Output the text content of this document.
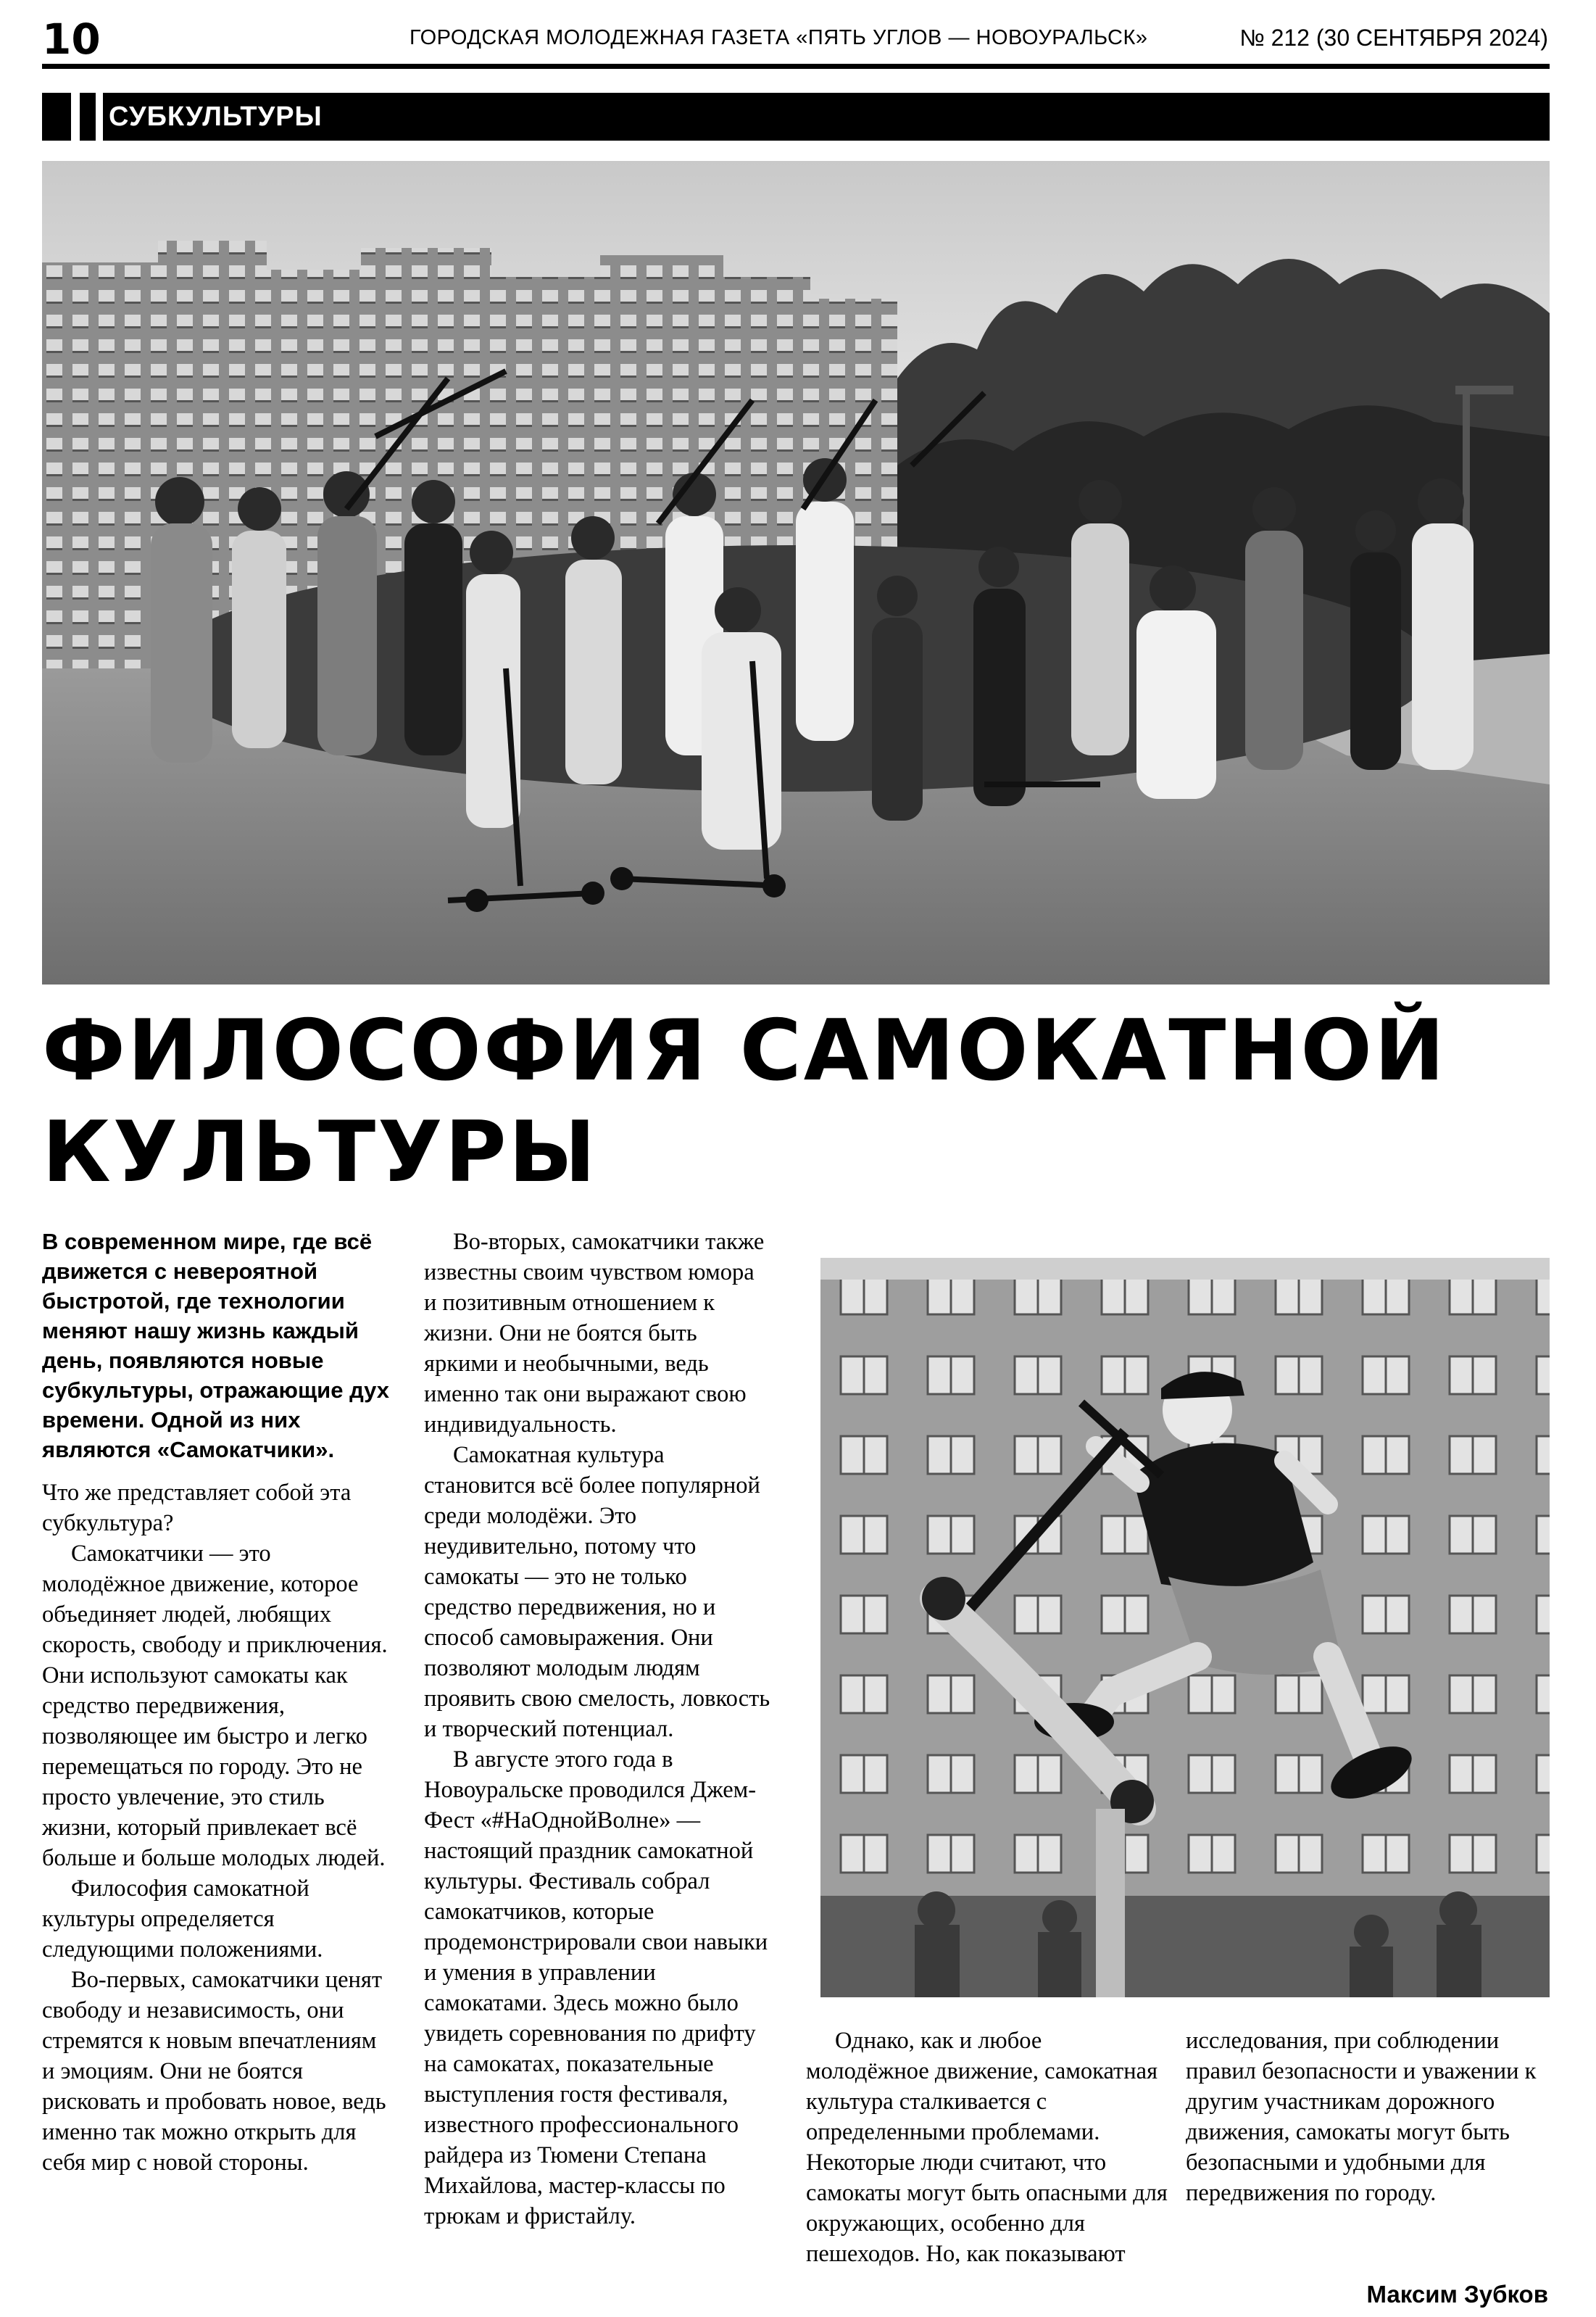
10	ГОРОДСКАЯ МОЛОДЕЖНАЯ ГАЗЕТА «ПЯТЬ УГЛОВ — НОВОУРАЛЬСК»	№ 212 (30 СЕНТЯБРЯ 2024)
СУБКУЛЬТУРЫ
ФИЛОСОФИЯ САМОКАТНОЙ
КУЛЬТУРЫ

В современном мире, где всё движется с невероятной быстротой, где технологии меняют нашу жизнь каждый день, появляются новые субкультуры, отражающие дух времени. Одной из них являются «Самокатчики».

Что же представляет собой эта субкультура?

Самокатчики — это молодёжное движение, которое объединяет людей, любящих скорость, свободу и приключения. Они используют самокаты как средство передвижения, позволяющее им быстро и легко перемещаться по городу. Это не просто увлечение, это стиль жизни, который привлекает всё больше и больше молодых людей.

Философия самокатной культуры определяется следующими положениями.

Во-первых, самокатчики ценят свободу и независимость, они стремятся к новым впечатлениям и эмоциям. Они не боятся рисковать и пробовать новое, ведь именно так можно открыть для себя мир с новой стороны.

Во-вторых, самокатчики также известны своим чувством юмора и позитивным отношением к жизни. Они не боятся быть яркими и необычными, ведь именно так они выражают свою индивидуальность.

Самокатная культура становится всё более популярной среди молодёжи. Это неудивительно, потому что самокаты — это не только средство передвижения, но и способ самовыражения. Они позволяют молодым людям проявить свою смелость, ловкость и творческий потенциал.

В августе этого года в Новоуральске проводился Джем-Фест «#НаОднойВолне» — настоящий праздник самокатной культуры. Фестиваль собрал самокатчиков, которые продемонстрировали свои навыки и умения в управлении самокатами. Здесь можно было увидеть соревнования по дрифту на самокатах, показательные выступления гостя фестиваля, известного профессионального райдера из Тюмени Степана Михайлова, мастер-классы по трюкам и фристайлу.

Однако, как и любое молодёжное движение, самокатная культура сталкивается с определенными проблемами. Некоторые люди считают, что самокаты могут быть опасными для окружающих, особенно для пешеходов. Но, как показывают

исследования, при соблюдении правил безопасности и уважении к другим участникам дорожного движения, самокаты могут быть безопасными и удобными для передвижения по городу.

Максим Зубков
